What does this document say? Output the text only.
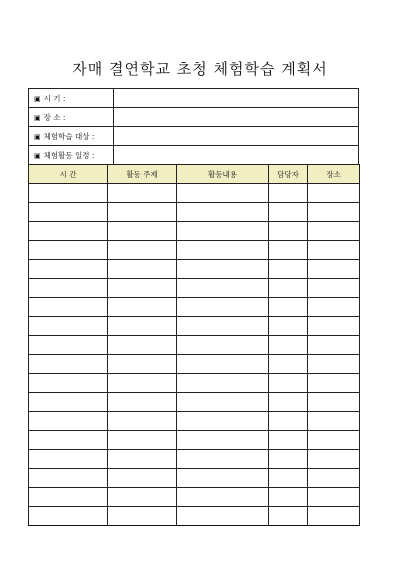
자매 결연학교 초청 체험학습 계획서
▣ 시 기 :	
▣ 장 소 :	
▣ 체험학습 대상 :	
▣ 체험활동 일정 :	
시 간	활동 주제	활동내용	담당자	장소
